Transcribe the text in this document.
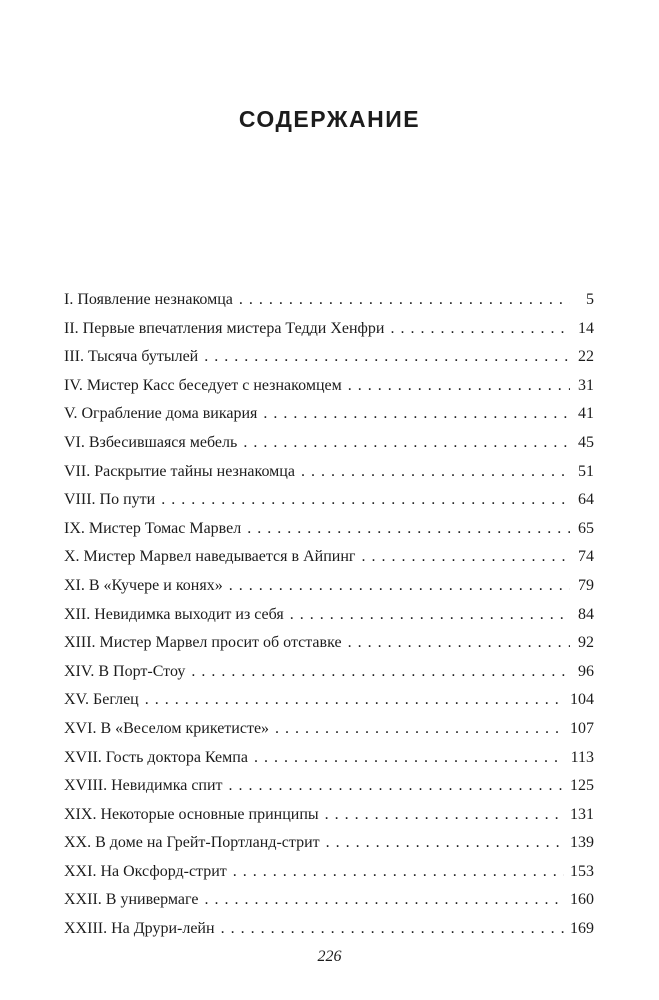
СОДЕРЖАНИЕ
I. Появление незнакомца . . .	5
II. Первые впечатления мистера Тедди Хенфри . . .	14
III. Тысяча бутылей . . .	22
IV. Мистер Касс беседует с незнакомцем . . .	31
V. Ограбление дома викария . . .	41
VI. Взбесившаяся мебель . . .	45
VII. Раскрытие тайны незнакомца . . .	51
VIII. По пути . . .	64
IX. Мистер Томас Марвел . . .	65
X. Мистер Марвел наведывается в Айпинг . . .	74
XI. В «Кучере и конях» . . .	79
XII. Невидимка выходит из себя . . .	84
XIII. Мистер Марвел просит об отставке . . .	92
XIV. В Порт-Стоу . . .	96
XV. Беглец . . .	104
XVI. В «Веселом крикетисте» . . .	107
XVII. Гость доктора Кемпа . . .	113
XVIII. Невидимка спит . . .	125
XIX. Некоторые основные принципы . . .	131
XX. В доме на Грейт-Портланд-стрит . . .	139
XXI. На Оксфорд-стрит . . .	153
XXII. В универмаге . . .	160
XXIII. На Друри-лейн . . .	169
226
